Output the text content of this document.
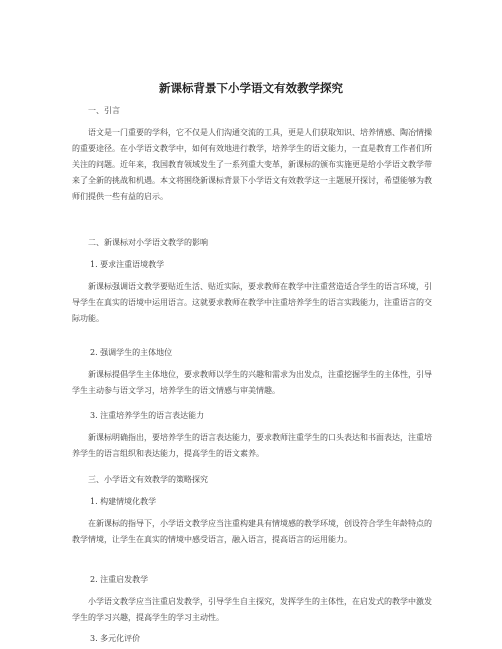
新课标背景下小学语文有效教学探究

一、引言

语文是一门重要的学科，它不仅是人们沟通交流的工具，更是人们获取知识、培养情感、陶冶情操的重要途径。在小学语文教学中，如何有效地进行教学，培养学生的语文能力，一直是教育工作者们所关注的问题。近年来，我国教育领域发生了一系列重大变革，新课标的颁布实施更是给小学语文教学带来了全新的挑战和机遇。本文将围绕新课标背景下小学语文有效教学这一主题展开探讨，希望能够为教师们提供一些有益的启示。

二、新课标对小学语文教学的影响

1. 要求注重语境教学

新课标强调语文教学要贴近生活、贴近实际，要求教师在教学中注重营造适合学生的语言环境，引导学生在真实的语境中运用语言。这就要求教师在教学中注重培养学生的语言实践能力，注重语言的交际功能。

2. 强调学生的主体地位

新课标提倡学生主体地位，要求教师以学生的兴趣和需求为出发点，注重挖掘学生的主体性，引导学生主动参与语文学习，培养学生的语文情感与审美情趣。

3. 注重培养学生的语言表达能力

新课标明确指出，要培养学生的语言表达能力，要求教师注重学生的口头表达和书面表达，注重培养学生的语言组织和表达能力，提高学生的语文素养。

三、小学语文有效教学的策略探究

1. 构建情境化教学

在新课标的指导下，小学语文教学应当注重构建具有情境感的教学环境，创设符合学生年龄特点的教学情境，让学生在真实的情境中感受语言，融入语言，提高语言的运用能力。

2. 注重启发教学

小学语文教学应当注重启发教学，引导学生自主探究，发挥学生的主体性，在启发式的教学中激发学生的学习兴趣，提高学生的学习主动性。

3. 多元化评价
